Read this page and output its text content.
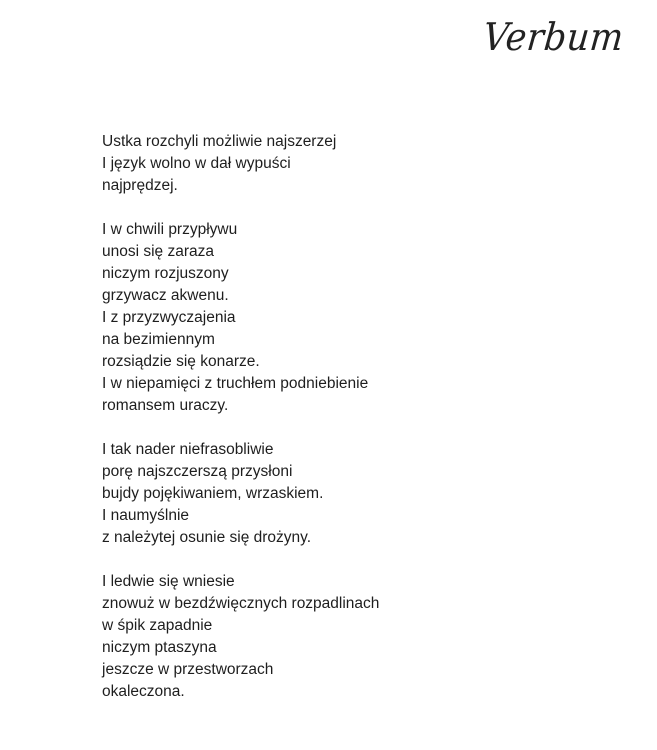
Verbum
Ustka rozchyli możliwie najszerzej
I język wolno w dał wypuści
najprędzej.
I w chwili przypływu
unosi się zaraza
niczym rozjuszony
grzywacz akwenu.
I z przyzwyczajenia
na bezimiennym
rozsiądzie się konarze.
I w niepamięci z truchłem podniebienie
romansem uraczy.
I tak nader niefrasobliwie
porę najszczerszą przysłoni
bujdy pojękiwaniem, wrzaskiem.
I naumyślnie
z należytej osunie się drożyny.
I ledwie się wniesie
znowuż w bezdźwięcznych rozpadlinach
w śpik zapadnie
niczym ptaszyna
jeszcze w przestworzach
okaleczona.
